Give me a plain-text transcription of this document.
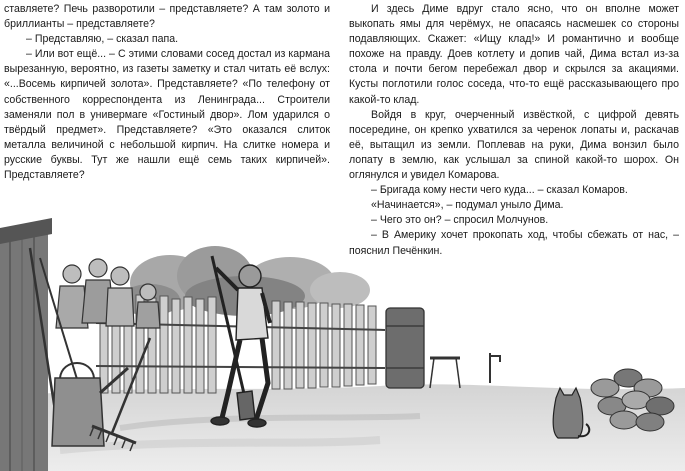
ставляете? Печь разворотили – представляете? А там золото и бриллианты – представляете?

– Представляю, – сказал папа.

– Или вот ещё... – С этими словами сосед достал из кармана вырезанную, вероятно, из газеты заметку и стал читать её вслух: «...Восемь кирпичей золота». Представляете? «По телефону от собственного корреспондента из Ленинграда... Строители заменяли пол в универмаге «Гостиный двор». Лом ударился о твёрдый предмет». Представляете? «Это оказался слиток металла величиной с небольшой кирпич. На слитке номера и русские буквы. Тут же нашли ещё семь таких кирпичей». Представляете?

И здесь Диме вдруг стало ясно, что он вполне может выкопать ямы для черёмух, не опасаясь насмешек со стороны подавляющих. Скажет: «Ищу клад!» И романтично и вообще похоже на правду. Доев котлету и допив чай, Дима встал из-за стола и почти бегом перебежал двор и скрылся за акациями. Кусты поглотили голос соседа, что-то ещё рассказывающего про какой-то клад.

Войдя в круг, очерченный извёсткой, с цифрой девять посередине, он крепко ухватился за черенок лопаты и, раскачав её, вытащил из земли. Поплевав на руки, Дима вонзил было лопату в землю, как услышал за спиной какой-то шорох. Он оглянулся и увидел Комарова.

– Бригада кому нести чего куда... – сказал Комаров.

«Начинается», – подумал уныло Дима.

– Чего это он? – спросил Молчунов.

– В Америку хочет прокопать ход, чтобы сбежать от нас, – пояснил Печёнкин.
